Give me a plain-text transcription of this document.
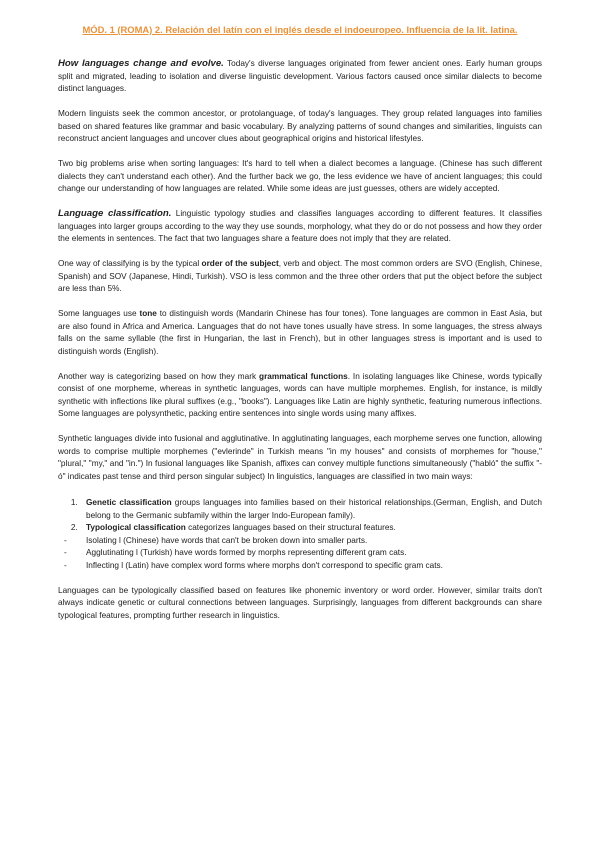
MÓD. 1 (ROMA) 2. Relación del latín con el inglés desde el indoeuropeo. Influencia de la lit. latina.

How languages change and evolve. Today's diverse languages originated from fewer ancient ones. Early human groups split and migrated, leading to isolation and diverse linguistic development. Various factors caused once similar dialects to become distinct languages.

Modern linguists seek the common ancestor, or protolanguage, of today's languages. They group related languages into families based on shared features like grammar and basic vocabulary. By analyzing patterns of sound changes and similarities, linguists can reconstruct ancient languages and uncover clues about geographical origins and historical lifestyles.

Two big problems arise when sorting languages: It's hard to tell when a dialect becomes a language. (Chinese has such different dialects they can't understand each other). And the further back we go, the less evidence we have of ancient languages; this could change our understanding of how languages are related. While some ideas are just guesses, others are widely accepted.

Language classification. Linguistic typology studies and classifies languages according to different features. It classifies languages into larger groups according to the way they use sounds, morphology, what they do or do not possess and how they order the elements in sentences. The fact that two languages share a feature does not imply that they are related.

One way of classifying is by the typical order of the subject, verb and object. The most common orders are SVO (English, Chinese, Spanish) and SOV (Japanese, Hindi, Turkish). VSO is less common and the three other orders that put the object before the subject are less than 5%.

Some languages use tone to distinguish words (Mandarin Chinese has four tones). Tone languages are common in East Asia, but are also found in Africa and America. Languages that do not have tones usually have stress. In some languages, the stress always falls on the same syllable (the first in Hungarian, the last in French), but in other languages stress is important and is used to distinguish words (English).

Another way is categorizing based on how they mark grammatical functions. In isolating languages like Chinese, words typically consist of one morpheme, whereas in synthetic languages, words can have multiple morphemes. English, for instance, is mildly synthetic with inflections like plural suffixes (e.g., "books"). Languages like Latin are highly synthetic, featuring numerous inflections. Some languages are polysynthetic, packing entire sentences into single words using many affixes.

Synthetic languages divide into fusional and agglutinative. In agglutinating languages, each morpheme serves one function, allowing words to comprise multiple morphemes ("evlerinde" in Turkish means "in my houses" and consists of morphemes for "house," "plural," "my," and "in.") In fusional languages like Spanish, affixes can convey multiple functions simultaneously ("habló" the suffix "-ó" indicates past tense and third person singular subject) In linguistics, languages are classified in two main ways:

1. Genetic classification groups languages into families based on their historical relationships.(German, English, and Dutch belong to the Germanic subfamily within the larger Indo-European family).
2. Typological classification categorizes languages based on their structural features.
- Isolating l (Chinese) have words that can't be broken down into smaller parts.
- Agglutinating l (Turkish) have words formed by morphs representing different gram cats.
- Inflecting l (Latin) have complex word forms where morphs don't correspond to specific gram cats.

Languages can be typologically classified based on features like phonemic inventory or word order. However, similar traits don't always indicate genetic or cultural connections between languages. Surprisingly, languages from different backgrounds can share typological features, prompting further research in linguistics.
